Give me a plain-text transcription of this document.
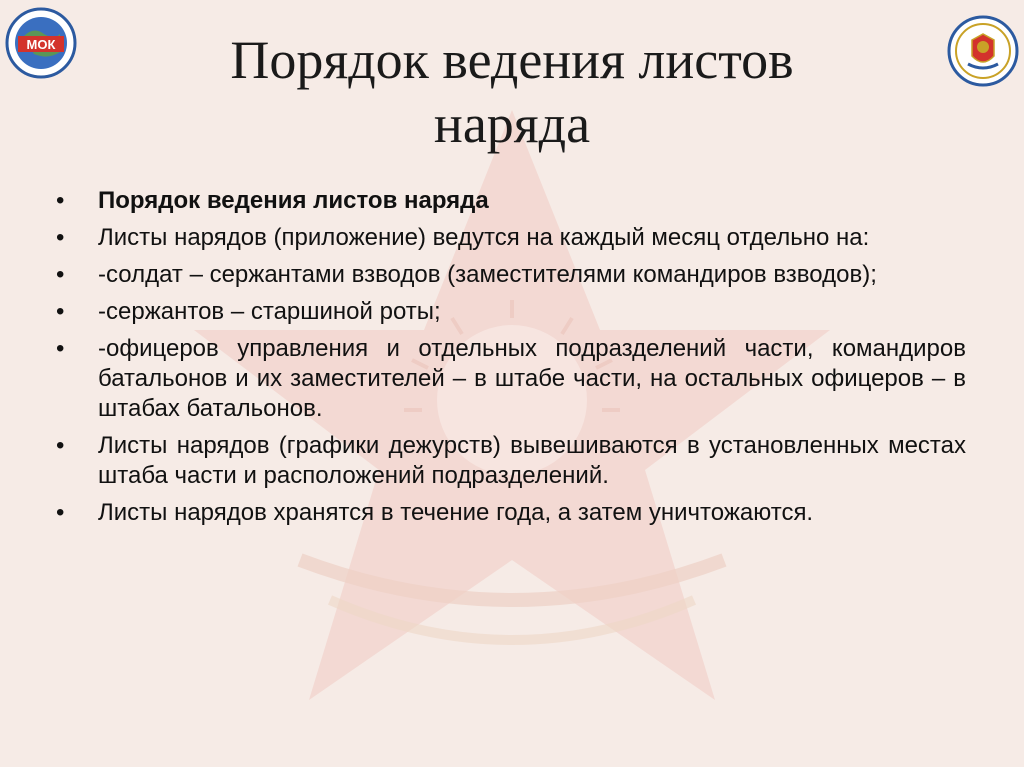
МОК	Порядок ведения листов
наряда
•	Порядок ведения листов наряда
•	Листы нарядов (приложение) ведутся на каждый месяц отдельно на:
•	-солдат – сержантами взводов (заместителями командиров взводов);
•	-сержантов – старшиной роты;
•	-офицеров управления и отдельных подразделений части, командиров батальонов и их заместителей – в штабе части, на остальных офицеров – в штабах батальонов.
•	Листы нарядов (графики дежурств) вывешиваются в установленных местах штаба части и расположений подразделений.
•	Листы нарядов хранятся в течение года, а затем уничтожаются.
